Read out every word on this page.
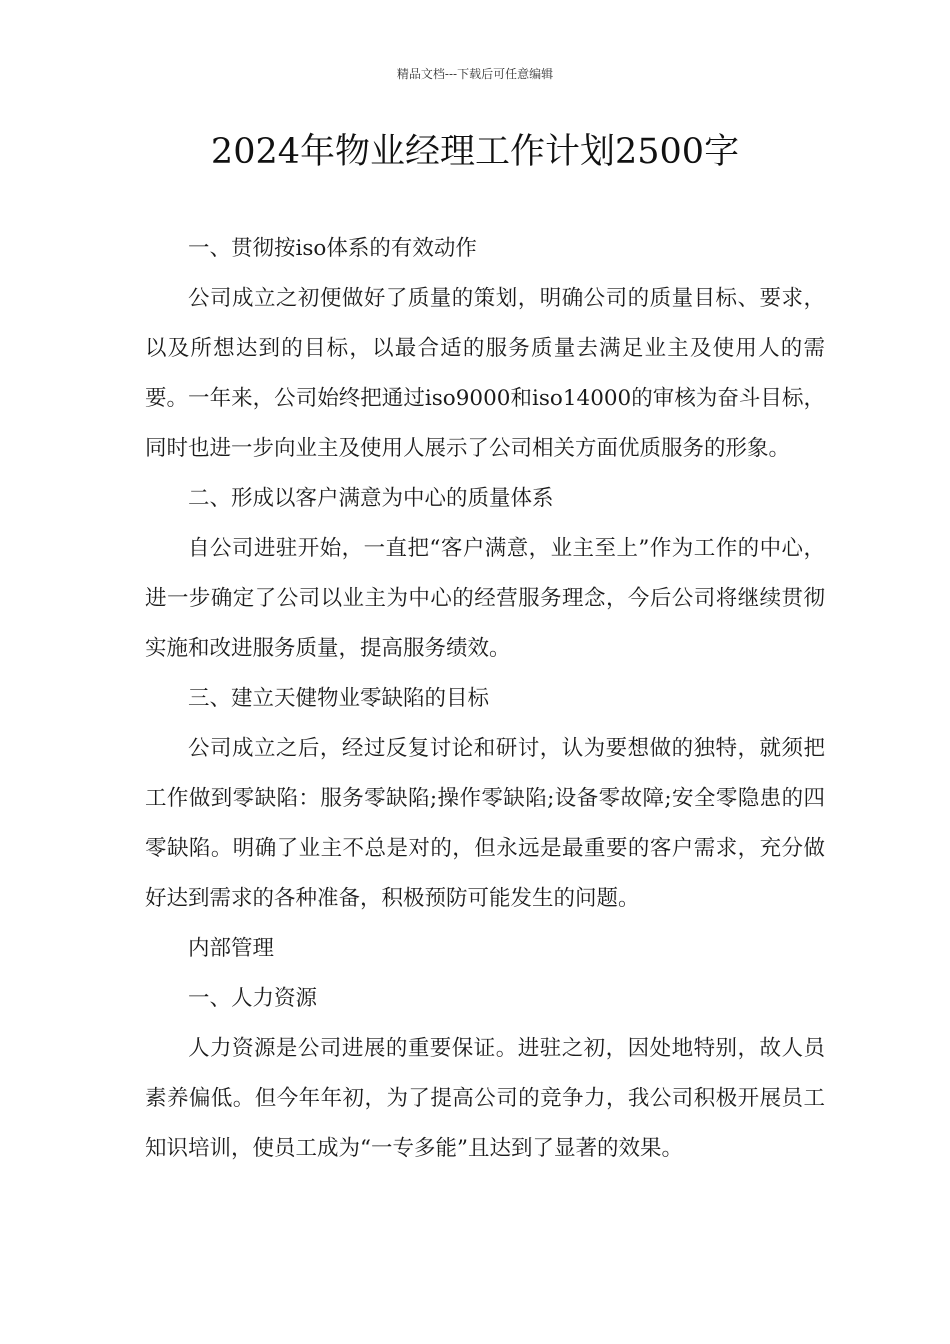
精品文档---下载后可任意编辑
2024年物业经理工作计划2500字

一、贯彻按iso体系的有效动作

公司成立之初便做好了质量的策划，明确公司的质量目标、要求，以及所想达到的目标，以最合适的服务质量去满足业主及使用人的需要。一年来，公司始终把通过iso9000和iso14000的审核为奋斗目标，同时也进一步向业主及使用人展示了公司相关方面优质服务的形象。

二、形成以客户满意为中心的质量体系

自公司进驻开始，一直把“客户满意，业主至上”作为工作的中心，进一步确定了公司以业主为中心的经营服务理念，今后公司将继续贯彻实施和改进服务质量，提高服务绩效。

三、建立天健物业零缺陷的目标

公司成立之后，经过反复讨论和研讨，认为要想做的独特，就须把工作做到零缺陷：服务零缺陷;操作零缺陷;设备零故障;安全零隐患的四零缺陷。明确了业主不总是对的，但永远是最重要的客户需求，充分做好达到需求的各种准备，积极预防可能发生的问题。

内部管理

一、人力资源

人力资源是公司进展的重要保证。进驻之初，因处地特别，故人员素养偏低。但今年年初，为了提高公司的竞争力，我公司积极开展员工知识培训，使员工成为“一专多能”且达到了显著的效果。
